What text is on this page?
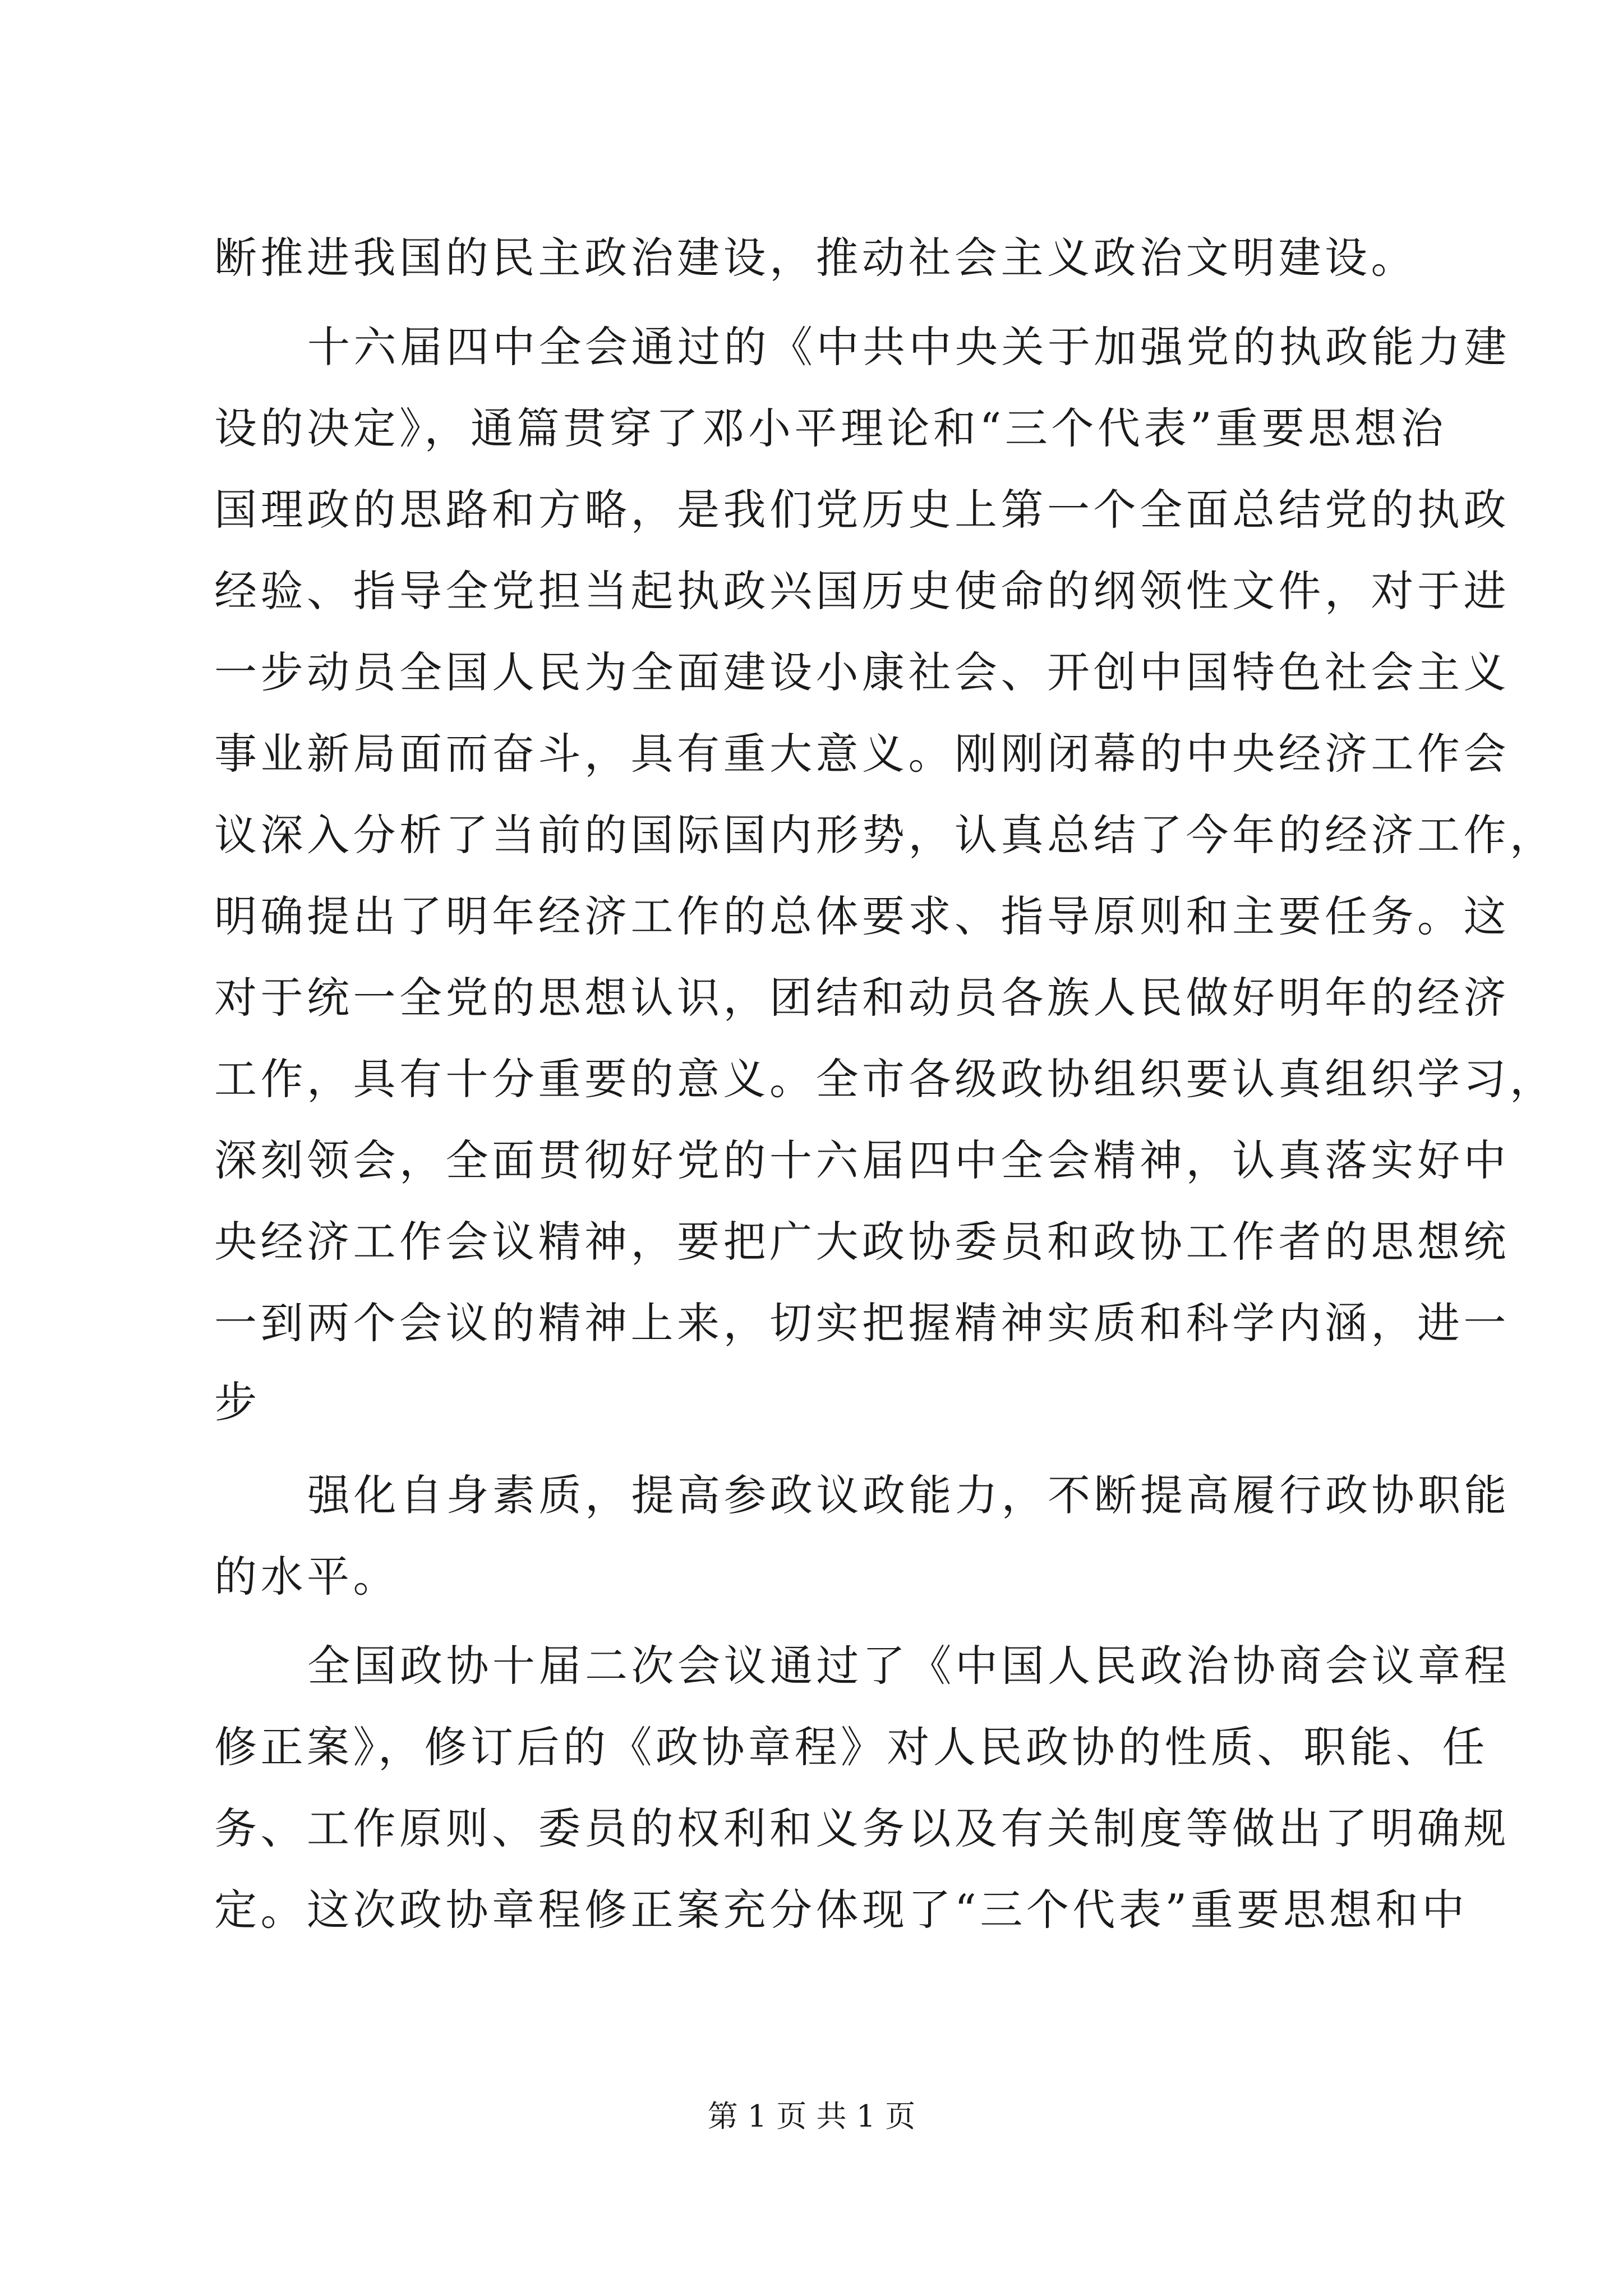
断推进我国的民主政治建设，推动社会主义政治文明建设。
十六届四中全会通过的《中共中央关于加强党的执政能力建
设的决定》，通篇贯穿了邓小平理论和“三个代表”重要思想治
国理政的思路和方略，是我们党历史上第一个全面总结党的执政
经验、指导全党担当起执政兴国历史使命的纲领性文件，对于进
一步动员全国人民为全面建设小康社会、开创中国特色社会主义
事业新局面而奋斗，具有重大意义。刚刚闭幕的中央经济工作会
议深入分析了当前的国际国内形势，认真总结了今年的经济工作，
明确提出了明年经济工作的总体要求、指导原则和主要任务。这
对于统一全党的思想认识，团结和动员各族人民做好明年的经济
工作，具有十分重要的意义。全市各级政协组织要认真组织学习，
深刻领会，全面贯彻好党的十六届四中全会精神，认真落实好中
央经济工作会议精神，要把广大政协委员和政协工作者的思想统
一到两个会议的精神上来，切实把握精神实质和科学内涵，进一
步
强化自身素质，提高参政议政能力，不断提高履行政协职能
的水平。
全国政协十届二次会议通过了《中国人民政治协商会议章程
修正案》，修订后的《政协章程》对人民政协的性质、职能、任
务、工作原则、委员的权利和义务以及有关制度等做出了明确规
定。这次政协章程修正案充分体现了“三个代表”重要思想和中
第 1 页 共 1 页
